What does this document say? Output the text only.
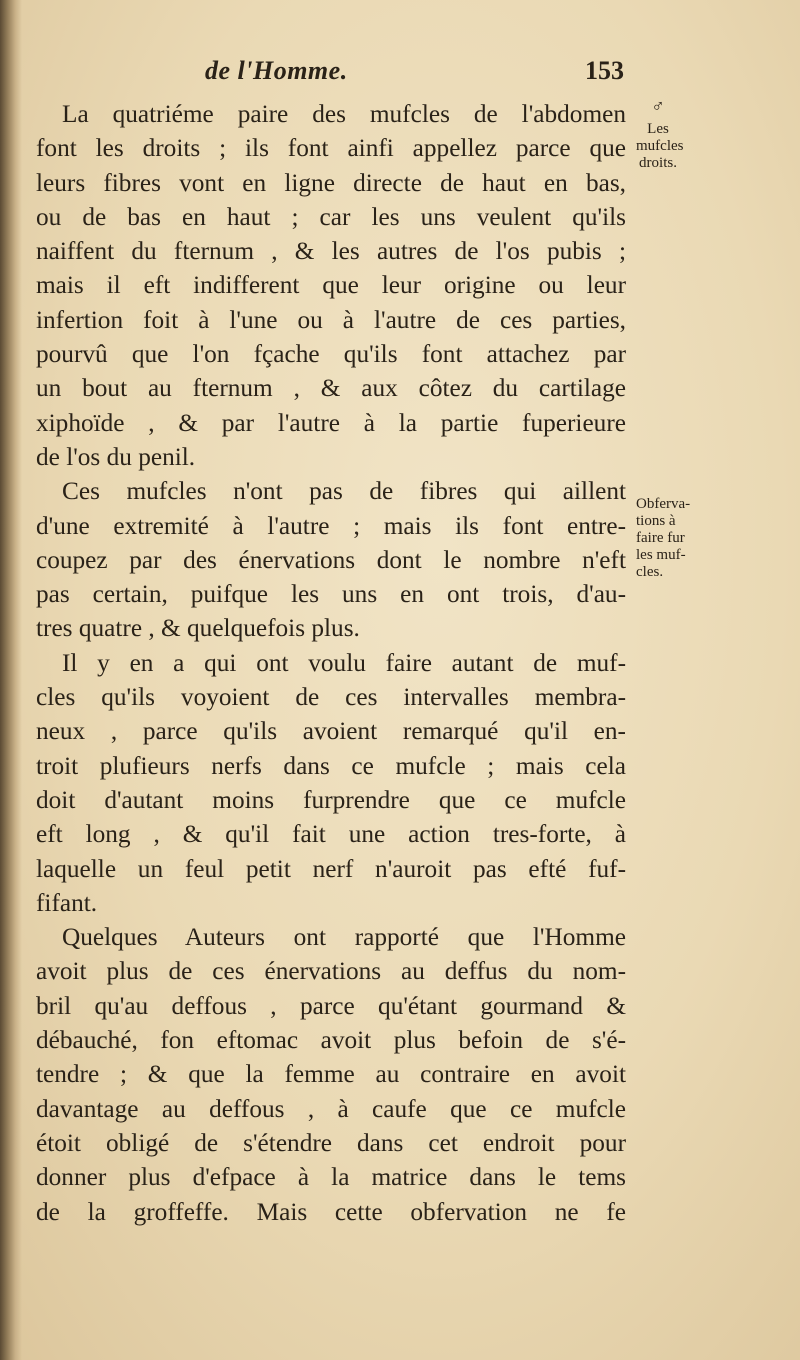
de l'Homme.	153
La quatriéme paire des mufcles de l'abdomen
font les droits ; ils font ainfi appellez parce que
leurs fibres vont en ligne directe de haut en bas,
ou de bas en haut ; car les uns veulent qu'ils
naiffent du fternum , & les autres de l'os pubis ;
mais il eft indifferent que leur origine ou leur
infertion foit à l'une ou à l'autre de ces parties,
pourvû que l'on fçache qu'ils font attachez par
un bout au fternum , & aux côtez du cartilage
xiphoïde , & par l'autre à la partie fuperieure
de l'os du penil.
Ces mufcles n'ont pas de fibres qui aillent
d'une extremité à l'autre ; mais ils font entre-
coupez par des énervations dont le nombre n'eft
pas certain, puifque les uns en ont trois, d'au-
tres quatre , & quelquefois plus.
Il y en a qui ont voulu faire autant de muf-
cles qu'ils voyoient de ces intervalles membra-
neux , parce qu'ils avoient remarqué qu'il en-
troit plufieurs nerfs dans ce mufcle ; mais cela
doit d'autant moins furprendre que ce mufcle
eft long , & qu'il fait une action tres-forte, à
laquelle un feul petit nerf n'auroit pas efté fuf-
fifant.
Quelques Auteurs ont rapporté que l'Homme
avoit plus de ces énervations au deffus du nom-
bril qu'au deffous , parce qu'étant gourmand &
débauché, fon eftomac avoit plus befoin de s'é-
tendre ; & que la femme au contraire en avoit
davantage au deffous , à caufe que ce mufcle
étoit obligé de s'étendre dans cet endroit pour
donner plus d'efpace à la matrice dans le tems
de la groffeffe. Mais cette obfervation ne fe
♂
Les
mufcles
droits.
Obferva-
tions à
faire fur
les muf-
cles.
